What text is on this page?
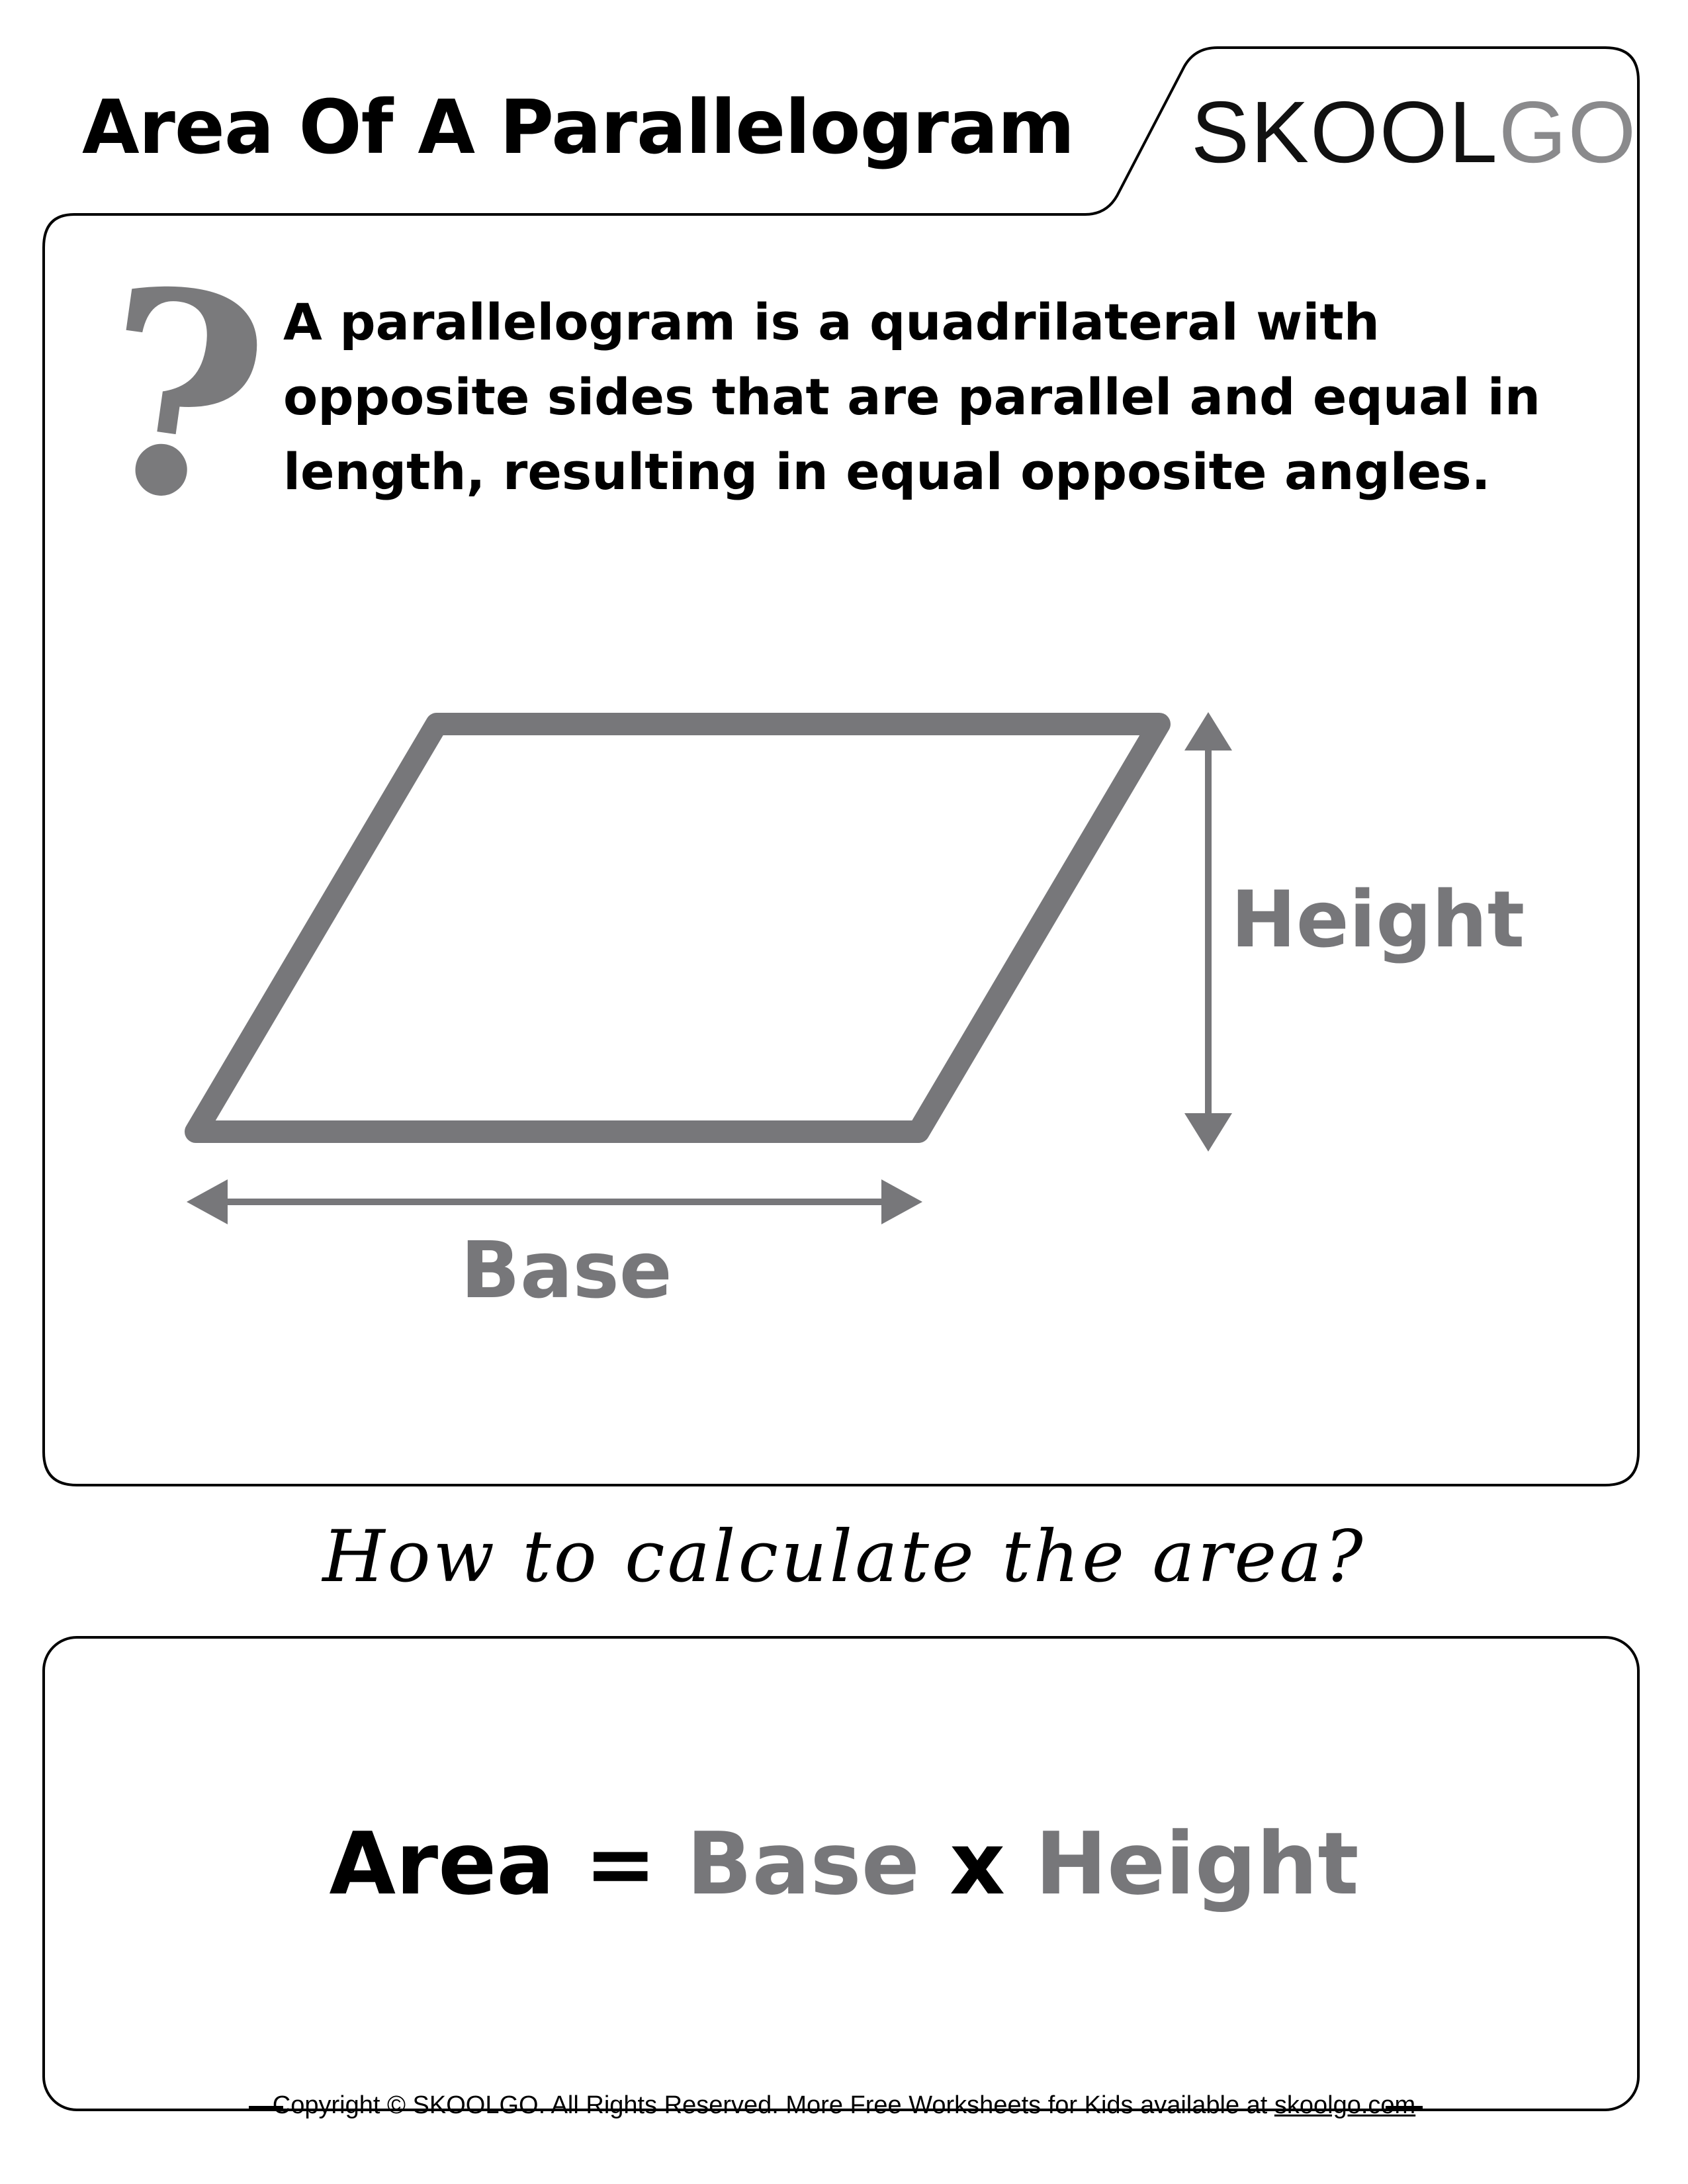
Area Of A Parallelogram SKOOLGO
?
A parallelogram is a quadrilateral with opposite sides that are parallel and equal in length, resulting in equal opposite angles.
Height
Base
How to calculate the area?
Area = Base x Height
Copyright © SKOOLGO. All Rights Reserved. More Free Worksheets for Kids available at skoolgo.com
